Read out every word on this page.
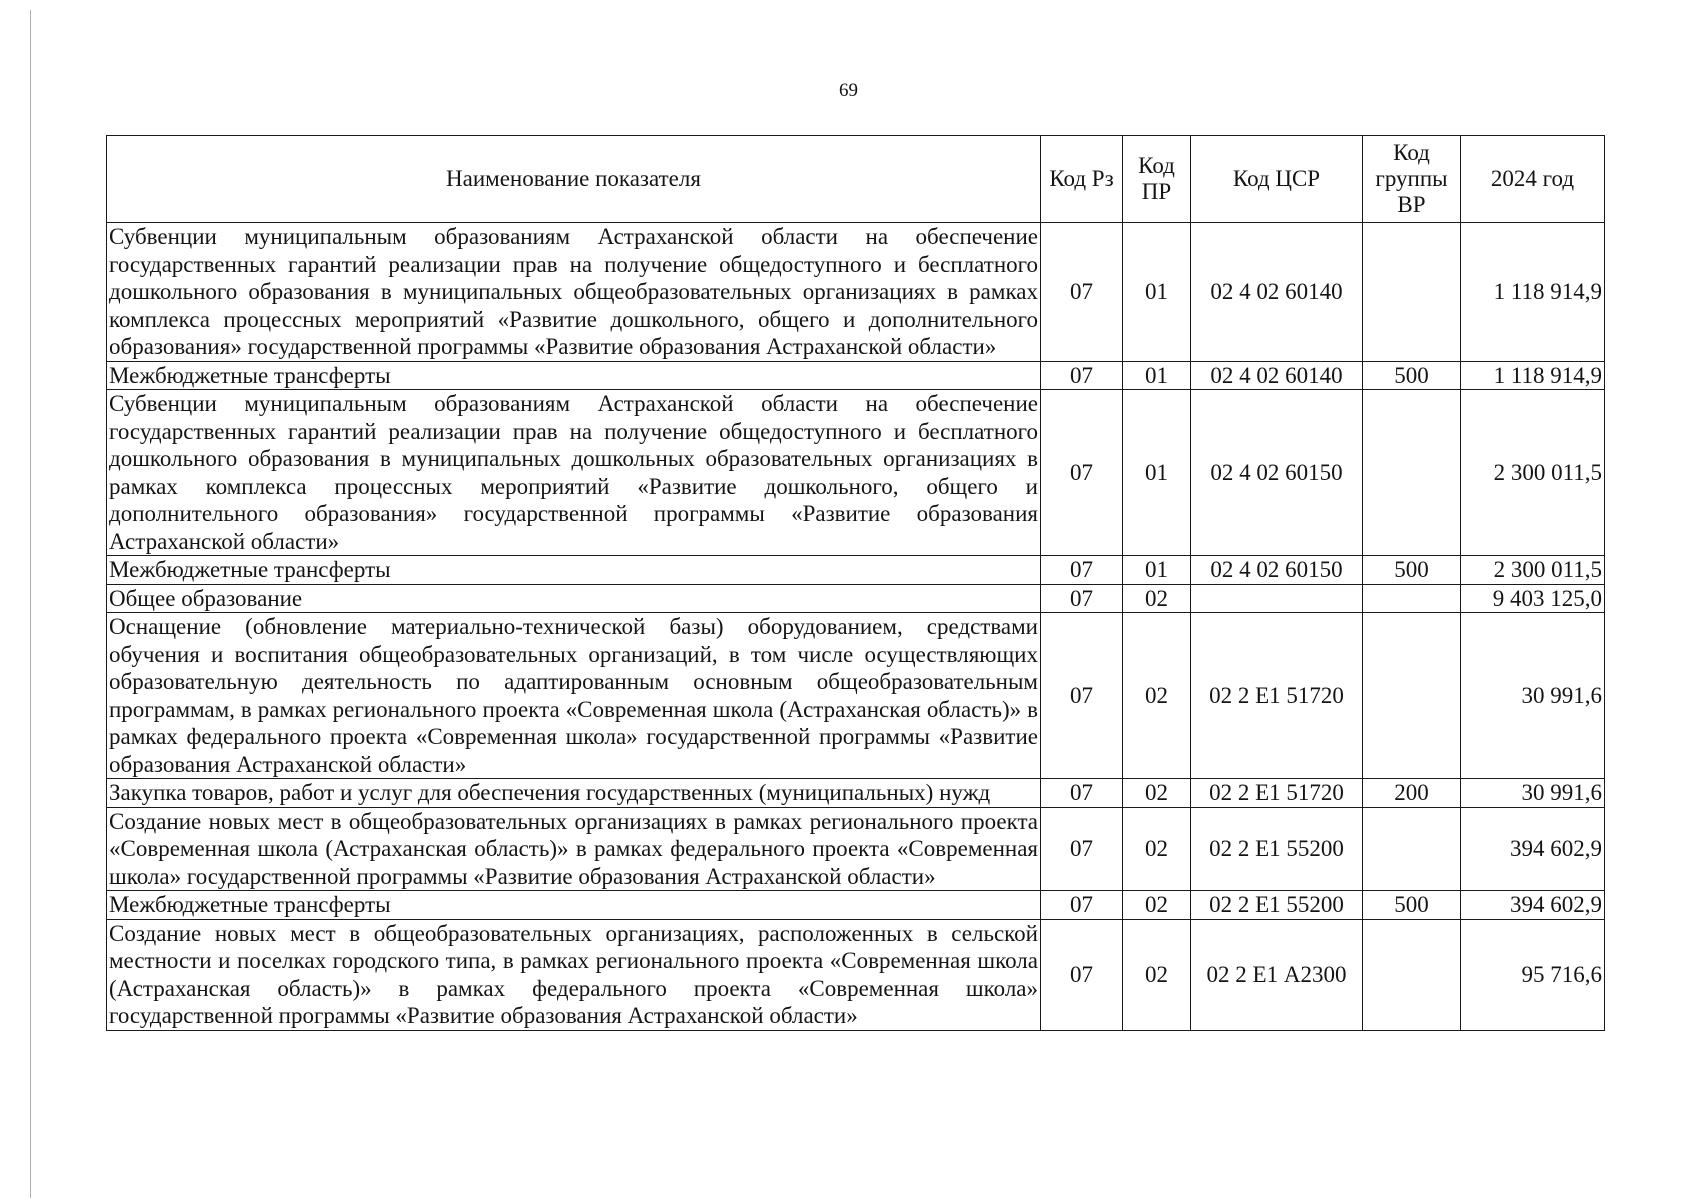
69
Наименование показателя	Код Рз	Код ПР	Код ЦСР	Код группы ВР	2024 год
Субвенции муниципальным образованиям Астраханской области на обеспечение государственных гарантий реализации прав на получение общедоступного и бесплатного дошкольного образования в муниципальных общеобразовательных организациях в рамках комплекса процессных мероприятий «Развитие дошкольного, общего и дополнительного образования» государственной программы «Развитие образования Астраханской области»	07	01	02 4 02 60140		1 118 914,9
Межбюджетные трансферты	07	01	02 4 02 60140	500	1 118 914,9
Субвенции муниципальным образованиям Астраханской области на обеспечение государственных гарантий реализации прав на получение общедоступного и бесплатного дошкольного образования в муниципальных дошкольных образовательных организациях в рамках комплекса процессных мероприятий «Развитие дошкольного, общего и дополнительного образования» государственной программы «Развитие образования Астраханской области»	07	01	02 4 02 60150		2 300 011,5
Межбюджетные трансферты	07	01	02 4 02 60150	500	2 300 011,5
Общее образование	07	02			9 403 125,0
Оснащение (обновление материально-технической базы) оборудованием, средствами обучения и воспитания общеобразовательных организаций, в том числе осуществляющих образовательную деятельность по адаптированным основным общеобразовательным программам, в рамках регионального проекта «Современная школа (Астраханская область)» в рамках федерального проекта «Современная школа» государственной программы «Развитие образования Астраханской области»	07	02	02 2 Е1 51720		30 991,6
Закупка товаров, работ и услуг для обеспечения государственных (муниципальных) нужд	07	02	02 2 Е1 51720	200	30 991,6
Создание новых мест в общеобразовательных организациях в рамках регионального проекта «Современная школа (Астраханская область)» в рамках федерального проекта «Современная школа» государственной программы «Развитие образования Астраханской области»	07	02	02 2 Е1 55200		394 602,9
Межбюджетные трансферты	07	02	02 2 Е1 55200	500	394 602,9
Создание новых мест в общеобразовательных организациях, расположенных в сельской местности и поселках городского типа, в рамках регионального проекта «Современная школа (Астраханская область)» в рамках федерального проекта «Современная школа» государственной программы «Развитие образования Астраханской области»	07	02	02 2 Е1 А2300		95 716,6
